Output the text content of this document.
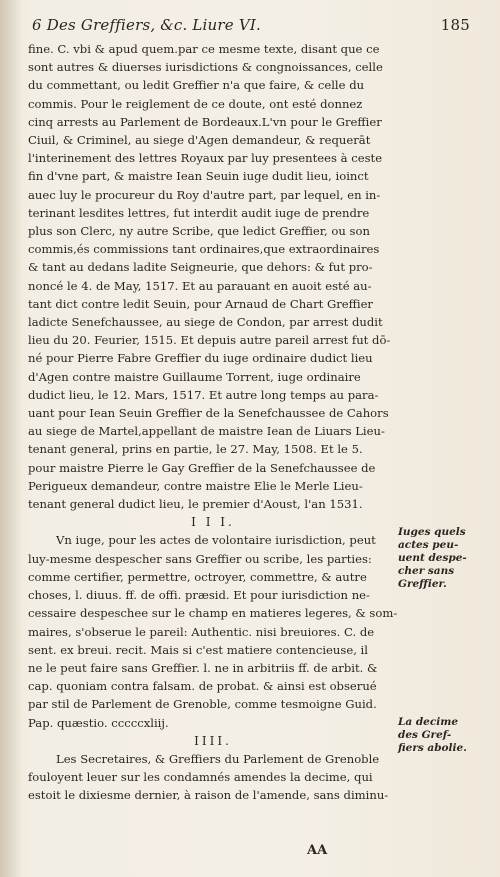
6 Des Greffiers, &c. Liure VI.	185
fine. C. vbi & apud quem.par ce mesme texte, disant que ce
sont autres & diuerses iurisdictions & congnoissances, celle
du commettant, ou ledit Greffier n'a que faire, & celle du
commis. Pour le reiglement de ce doute, ont esté donnez
cinq arrests au Parlement de Bordeaux.L'vn pour le Greffier
Ciuil, & Criminel, au siege d'Agen demandeur, & requerāt
l'interinement des lettres Royaux par luy presentees à ceste
fin d'vne part, & maistre Iean Seuin iuge dudit lieu, ioinct
auec luy le procureur du Roy d'autre part, par lequel, en in-
terinant lesdites lettres, fut interdit audit iuge de prendre
plus son Clerc, ny autre Scribe, que ledict Greffier, ou son
commis,és commissions tant ordinaires,que extraordinaires
& tant au dedans ladite Seigneurie, que dehors: & fut pro-
noncé le 4. de May, 1517. Et au parauant en auoit esté au-
tant dict contre ledit Seuin, pour Arnaud de Chart Greffier
ladicte Senefchaussee, au siege de Condon, par arrest dudit
lieu du 20. Feurier, 1515. Et depuis autre pareil arrest fut dō-
né pour Pierre Fabre Greffier du iuge ordinaire dudict lieu
d'Agen contre maistre Guillaume Torrent, iuge ordinaire
dudict lieu, le 12. Mars, 1517. Et autre long temps au para-
uant pour Iean Seuin Greffier de la Senefchaussee de Cahors
au siege de Martel,appellant de maistre Iean de Liuars Lieu-
tenant general, prins en partie, le 27. May, 1508. Et le 5.
pour maistre Pierre le Gay Greffier de la Senefchaussee de
Perigueux demandeur, contre maistre Elie le Merle Lieu-
tenant general dudict lieu, le premier d'Aoust, l'an 1531.
I I I.
Vn iuge, pour les actes de volontaire iurisdiction, peut
luy-mesme despescher sans Greffier ou scribe, les parties:
comme certifier, permettre, octroyer, commettre, & autre
choses, l. diuus. ff. de offi. præsid. Et pour iurisdiction ne-
cessaire despeschee sur le champ en matieres legeres, & som-
maires, s'obserue le pareil: Authentic. nisi breuiores. C. de
sent. ex breui. recit. Mais si c'est matiere contencieuse, il
ne le peut faire sans Greffier. l. ne in arbitriis ff. de arbit. &
cap. quoniam contra falsam. de probat. & ainsi est obserué
par stil de Parlement de Grenoble, comme tesmoigne Guid.
Pap. quæstio. cccccxliij.
IIII.
Les Secretaires, & Greffiers du Parlement de Grenoble
fouloyent leuer sur les condamnés amendes la decime, qui
estoit le dixiesme dernier, à raison de l'amende, sans diminu-
Iuges quels
actes peu-
uent despe-
cher sans
Greffier.
La decime
des Gref-
fiers abolie.
AA
